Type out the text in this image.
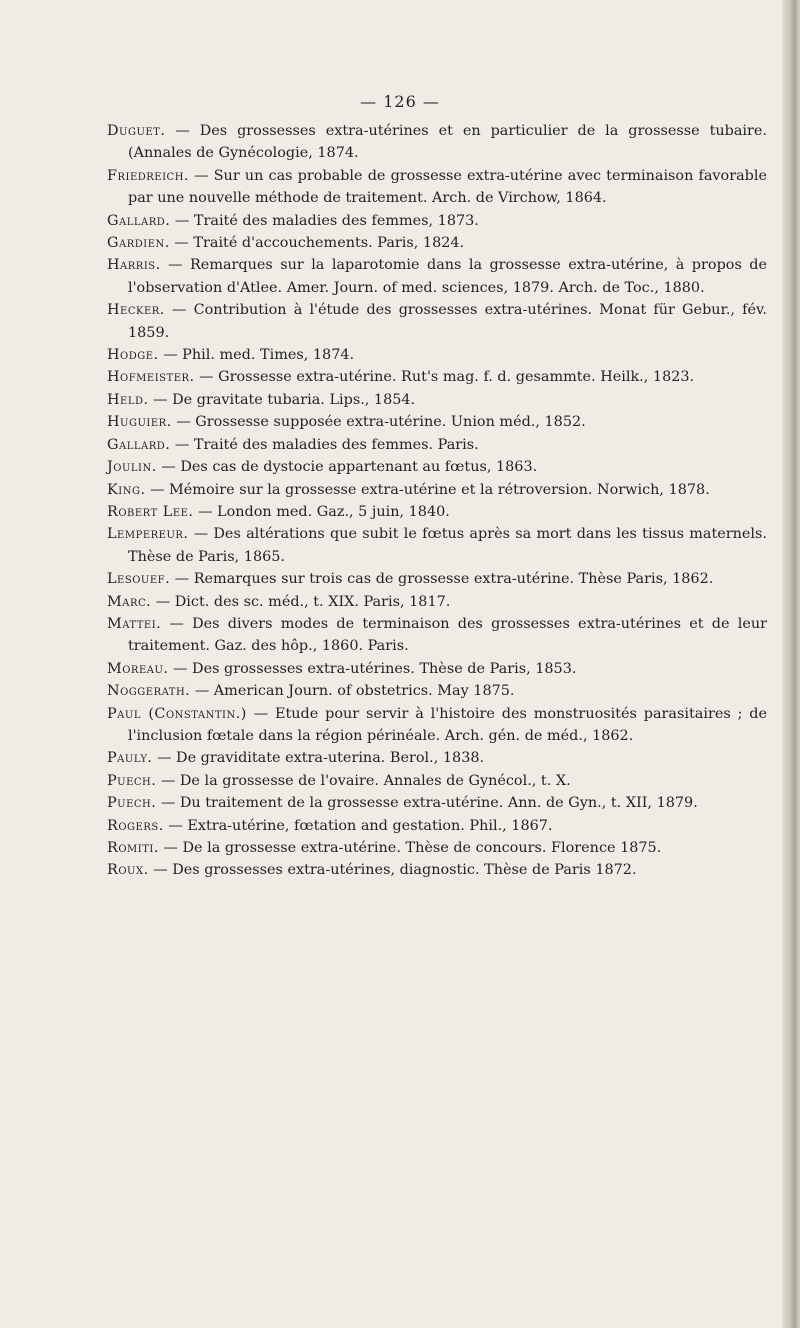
— 126 —

Duguet. — Des grossesses extra-utérines et en particulier de la grossesse tubaire. (Annales de Gynécologie, 1874.

Friedreich. — Sur un cas probable de grossesse extra-utérine avec terminaison favorable par une nouvelle méthode de traitement. Arch. de Virchow, 1864.

Gallard. — Traité des maladies des femmes, 1873.

Gardien. — Traité d'accouchements. Paris, 1824.

Harris. — Remarques sur la laparotomie dans la grossesse extra-utérine, à propos de l'observation d'Atlee. Amer. Journ. of med. sciences, 1879. Arch. de Toc., 1880.

Hecker. — Contribution à l'étude des grossesses extra-utérines. Monat für Gebur., fév. 1859.

Hodge. — Phil. med. Times, 1874.

Hofmeister. — Grossesse extra-utérine. Rut's mag. f. d. gesammte. Heilk., 1823.

Held. — De gravitate tubaria. Lips., 1854.

Huguier. — Grossesse supposée extra-utérine. Union méd., 1852.

Gallard. — Traité des maladies des femmes. Paris.

Joulin. — Des cas de dystocie appartenant au fœtus, 1863.

King. — Mémoire sur la grossesse extra-utérine et la rétroversion. Norwich, 1878.

Robert Lee. — London med. Gaz., 5 juin, 1840.

Lempereur. — Des altérations que subit le fœtus après sa mort dans les tissus maternels. Thèse de Paris, 1865.

Lesouef. — Remarques sur trois cas de grossesse extra-utérine. Thèse Paris, 1862.

Marc. — Dict. des sc. méd., t. XIX. Paris, 1817.

Mattei. — Des divers modes de terminaison des grossesses extra-utérines et de leur traitement. Gaz. des hôp., 1860. Paris.

Moreau. — Des grossesses extra-utérines. Thèse de Paris, 1853.

Noggerath. — American Journ. of obstetrics. May 1875.

Paul (Constantin.) — Etude pour servir à l'histoire des monstruosités parasitaires ; de l'inclusion fœtale dans la région périnéale. Arch. gén. de méd., 1862.

Pauly. — De graviditate extra-uterina. Berol., 1838.

Puech. — De la grossesse de l'ovaire. Annales de Gynécol., t. X.

Puech. — Du traitement de la grossesse extra-utérine. Ann. de Gyn., t. XII, 1879.

Rogers. — Extra-utérine, fœtation and gestation. Phil., 1867.

Romiti. — De la grossesse extra-utérine. Thèse de concours. Florence 1875.

Roux. — Des grossesses extra-utérines, diagnostic. Thèse de Paris 1872.
